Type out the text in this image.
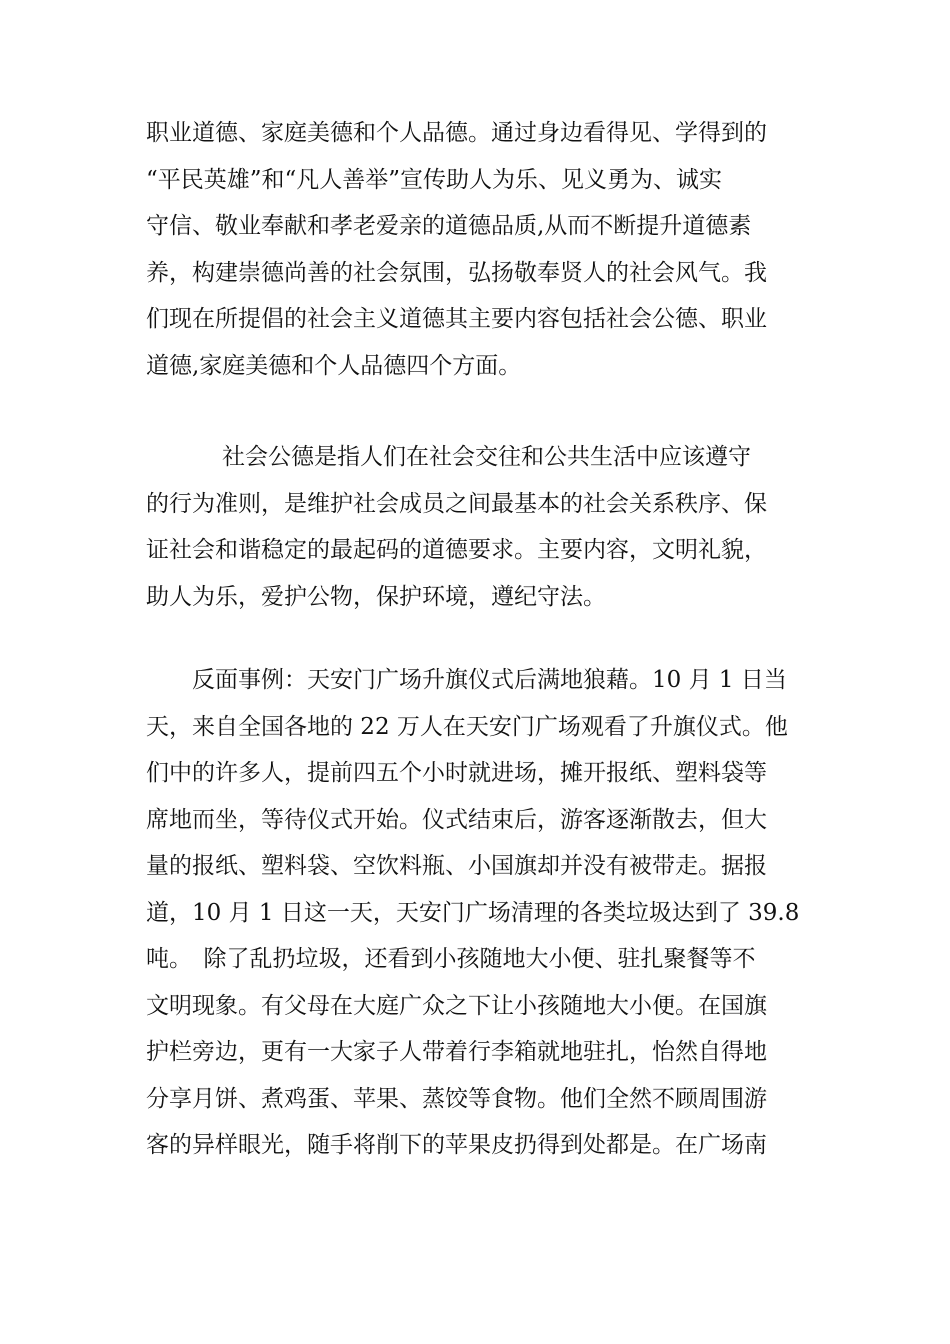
职业道德、家庭美德和个人品德。通过身边看得见、学得到的
“平民英雄”和“凡人善举”宣传助人为乐、见义勇为、诚实
守信、敬业奉献和孝老爱亲的道德品质,从而不断提升道德素
养，构建崇德尚善的社会氛围，弘扬敬奉贤人的社会风气。我
们现在所提倡的社会主义道德其主要内容包括社会公德、职业
道德,家庭美德和个人品德四个方面。
社会公德是指人们在社会交往和公共生活中应该遵守
的行为准则，是维护社会成员之间最基本的社会关系秩序、保
证社会和谐稳定的最起码的道德要求。主要内容，文明礼貌，
助人为乐，爱护公物，保护环境，遵纪守法。
反面事例：天安门广场升旗仪式后满地狼藉。10 月 1 日当
天，来自全国各地的 22 万人在天安门广场观看了升旗仪式。他
们中的许多人，提前四五个小时就进场，摊开报纸、塑料袋等
席地而坐，等待仪式开始。仪式结束后，游客逐渐散去，但大
量的报纸、塑料袋、空饮料瓶、小国旗却并没有被带走。据报
道，10 月 1 日这一天，天安门广场清理的各类垃圾达到了 39.8
吨。　除了乱扔垃圾，还看到小孩随地大小便、驻扎聚餐等不
文明现象。有父母在大庭广众之下让小孩随地大小便。在国旗
护栏旁边，更有一大家子人带着行李箱就地驻扎，怡然自得地
分享月饼、煮鸡蛋、苹果、蒸饺等食物。他们全然不顾周围游
客的异样眼光，随手将削下的苹果皮扔得到处都是。在广场南
